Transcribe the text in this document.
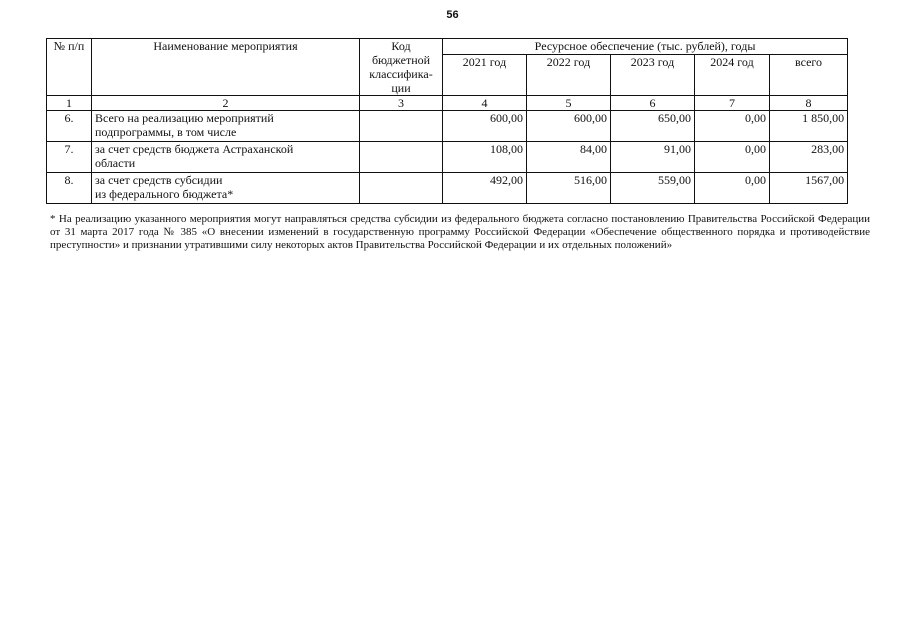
56
№ п/п	Наименование мероприятия	Код
бюджетной
классифика-
ции	Ресурсное обеспечение (тыс. рублей), годы				
			2021 год	2022 год	2023 год	2024 год	всего
1	2	3	4	5	6	7	8
6.	Всего на реализацию мероприятий
подпрограммы, в том числе		600,00	600,00	650,00	0,00	1 850,00
7.	за счет средств бюджета Астраханской
области		108,00	84,00	91,00	0,00	283,00
8.	за счет средств субсидии
из федерального бюджета*		492,00	516,00	559,00	0,00	1567,00
* На реализацию указанного мероприятия могут направляться средства субсидии из федерального бюджета согласно постановлению Правительства Российской Федерации от 31 марта 2017 года № 385 «О внесении изменений в государственную программу Российской Федерации «Обеспечение общественного порядка и противодействие преступности» и признании утратившими силу некоторых актов Правительства Российской Федерации и их отдельных положений»
